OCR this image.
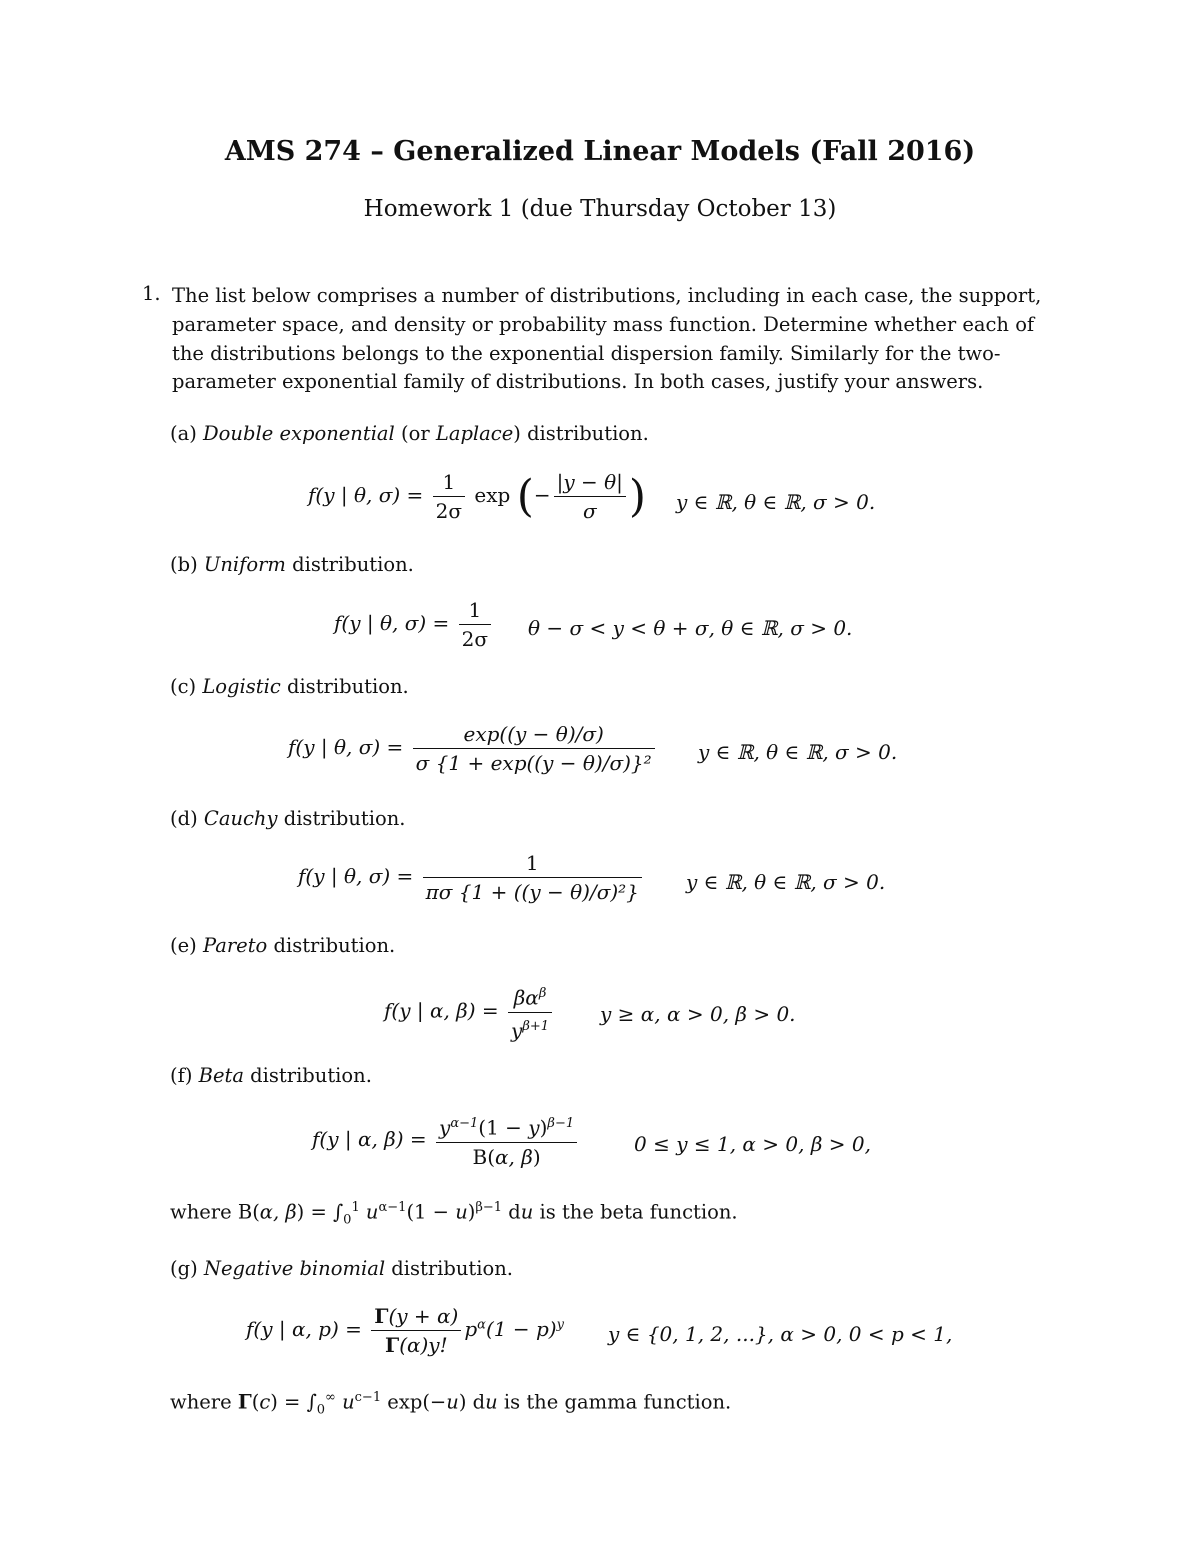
AMS 274 – Generalized Linear Models (Fall 2016)
Homework 1 (due Thursday October 13)
1. The list below comprises a number of distributions, including in each case, the support,
parameter space, and density or probability mass function. Determine whether each of
the distributions belongs to the exponential dispersion family. Similarly for the two-
parameter exponential family of distributions. In both cases, justify your answers.
(a) Double exponential (or Laplace) distribution.
f(y | θ, $\sigma) = \frac{1}{2\sigma}$ exp (− $\frac{|y - \theta|}{\sigma}$ ) y ∈ ℝ, θ ∈ ℝ, σ > 0.
(b) Uniform distribution.
f(y | θ, $\sigma) = \frac{1}{2\sigma}$ θ − σ < y < θ + σ, θ ∈ ℝ, σ > 0.
(c) Logistic distribution.
f(y | θ, $\sigma) = \frac{\exp((y - \theta)/\sigma)}{\text{σ \{1 + exp((y − θ)/σ)\}²}}$ y ∈ ℝ, θ ∈ ℝ, σ > 0.
(d) Cauchy distribution.
f(y | θ, $\sigma) = \frac{1}{\text{πσ \{1 + ((y − θ)/σ)²\}}}$ y ∈ ℝ, θ ∈ ℝ, σ > 0.
(e) Pareto distribution.
f(y | α, $\beta) = \frac{\beta\alpha^\beta}{y^{\beta+1}}$ y ≥ α, α > 0, β > 0.
(f) Beta distribution.
f(y | α, $\beta) = \frac{y^{\alpha-1}(1 - y)^{\beta-1}}{B(\alpha, \beta)}$	0 ≤ y ≤ 1, α > 0, β > 0,
where B(α, $\beta) = \int_0^1$ $u^{\alpha-1}(1 - u)^{\beta-1}$ du is the beta function.
(g) Negative binomial distribution.
f(y | α, $p) = \frac{\Gamma(y + \alpha)}{\Gamma(\alpha)y!} p^\alpha(1 - p)^y$ y ∈ {0, 1, 2, ...}, α > 0, 0 < p < 1,
where $\Gamma(c) = \int_0^\infty$ $u^{c-1}$ exp(−u) du is the gamma function.
